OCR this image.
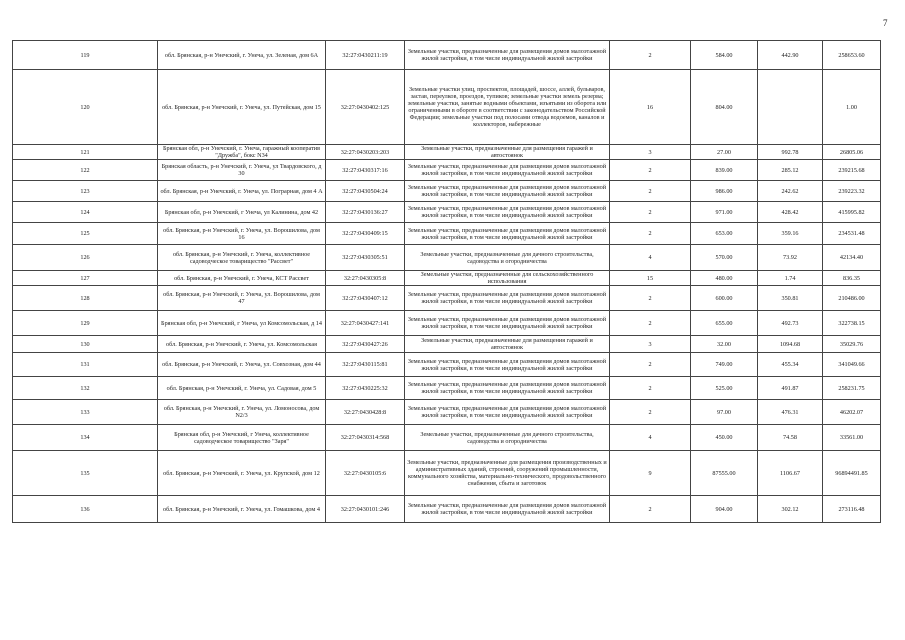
7
119	обл. Брянская, р-н Унечский, г. Унеча, ул. Зеленая, дом 6А	32:27:0430211:19	Земельные участки, предназначенные для размещения домов малоэтажной жилой застройки, в том числе индивидуальной жилой застройки	2	584.00	442.90	258653.60
120	обл. Брянская, р-н Унечский, г. Унеча, ул. Путейская, дом 15	32:27:0430402:125	Земельные участки улиц, проспектов, площадей, шоссе, аллей, бульваров, застав, переулков, проездов, тупиков; земельные участки земель резерва; земельные участки, занятые водными объектами, изъятыми из оборота или ограниченными в обороте в соответствии с законодательством Российской Федерации; земельные участки под полосами отвода водоемов, каналов и коллекторов, набережные	16	804.00		1.00
121	Брянская обл, р-н Унечский, г. Унеча, гаражный кооператив "Дружба", бокс N34	32:27:0430203:203	Земельные участки, предназначенные для размещения гаражей и автостоянок	3	27.00	992.78	26805.06
122	Брянская область, р-н Унечский, г. Унеча, ул Твардовского, д 30	32:27:0430317:16	Земельные участки, предназначенные для размещения домов малоэтажной жилой застройки, в том числе индивидуальной жилой застройки	2	839.00	285.12	239215.68
123	обл. Брянская, р-н Унечский, г. Унеча, ул. Пограрная, дом 4 А	32:27:0430504:24	Земельные участки, предназначенные для размещения домов малоэтажной жилой застройки, в том числе индивидуальной жилой застройки	2	986.00	242.62	239223.32
124	Брянская обл, р-н Унечский, г Унеча, ул Калинина, дом 42	32:27:0430136:27	Земельные участки, предназначенные для размещения домов малоэтажной жилой застройки, в том числе индивидуальной жилой застройки	2	971.00	428.42	415995.82
125	обл. Брянская, р-н Унечский, г. Унеча, ул. Ворошилова, дом 16	32:27:0430409:15	Земельные участки, предназначенные для размещения домов малоэтажной жилой застройки, в том числе индивидуальной жилой застройки	2	653.00	359.16	234531.48
126	обл. Брянская, р-н Унечский, г. Унеча, коллективное садоводческое товарищество "Рассвет"	32:27:0430305:51	Земельные участки, предназначенные для дачного строительства, садоводства и огородничества	4	570.00	73.92	42134.40
127	обл. Брянская, р-н Унечский, г. Унеча, КСТ Рассвет	32:27:0430305:8	Земельные участки, предназначенные для сельскохозяйственного использования	15	480.00	1.74	836.35
128	обл. Брянская, р-н Унечский, г. Унеча, ул. Ворошилова, дом 47	32:27:0430407:12	Земельные участки, предназначенные для размещения домов малоэтажной жилой застройки, в том числе индивидуальной жилой застройки	2	600.00	350.81	210486.00
129	Брянская обл, р-н Унечский, г Унеча, ул Комсомольская, д 14	32:27:0430427:141	Земельные участки, предназначенные для размещения домов малоэтажной жилой застройки, в том числе индивидуальной жилой застройки	2	655.00	492.73	322738.15
130	обл. Брянская, р-н Унечский, г. Унеча, ул. Комсомольская	32:27:0430427:26	Земельные участки, предназначенные для размещения гаражей и автостоянок	3	32.00	1094.68	35029.76
131	обл. Брянская, р-н Унечский, г. Унеча, ул. Совхозная, дом 44	32:27:0430115:81	Земельные участки, предназначенные для размещения домов малоэтажной жилой застройки, в том числе индивидуальной жилой застройки	2	749.00	455.34	341049.66
132	обл. Брянская, р-н Унечский, г. Унеча, ул. Садовая, дом 5	32:27:0430225:32	Земельные участки, предназначенные для размещения домов малоэтажной жилой застройки, в том числе индивидуальной жилой застройки	2	525.00	491.87	258231.75
133	обл. Брянская, р-н Унечский, г. Унеча, ул. Ломоносова, дом N2/3	32:27:0430428:8	Земельные участки, предназначенные для размещения домов малоэтажной жилой застройки, в том числе индивидуальной жилой застройки	2	97.00	476.31	46202.07
134	Брянская обл, р-н Унечский, г Унеча, коллективное садоводческое товарищество "Заря"	32:27:0430314:568	Земельные участки, предназначенные для дачного строительства, садоводства и огородничества	4	450.00	74.58	33561.00
135	обл. Брянская, р-н Унечский, г. Унеча, ул. Крупской, дом 12	32:27:0430105:6	Земельные участки, предназначенные для размещения производственных и административных зданий, строений, сооружений промышленности, коммунального хозяйства, материально-технического, продовольственного снабжения, сбыта и заготовок	9	87555.00	1106.67	96894491.85
136	обл. Брянская, р-н Унечский, г. Унеча, ул. Гомашкова, дом 4	32:27:0430101:246	Земельные участки, предназначенные для размещения домов малоэтажной жилой застройки, в том числе индивидуальной жилой застройки	2	904.00	302.12	273116.48
